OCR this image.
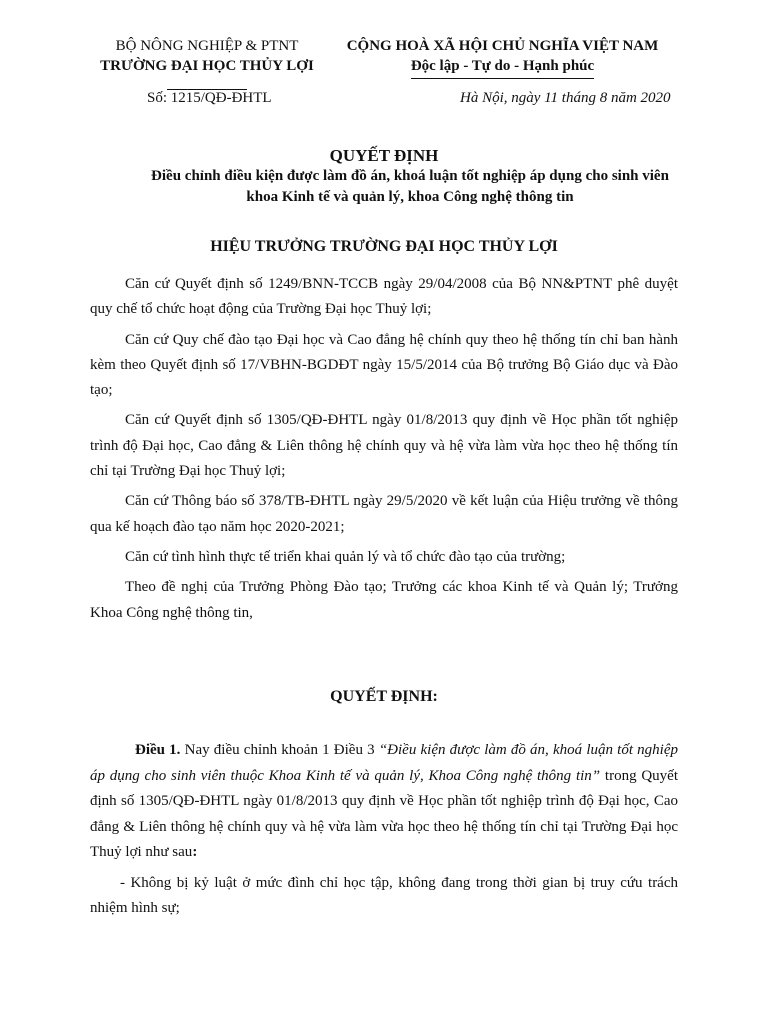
BỘ NÔNG NGHIỆP & PTNT
TRƯỜNG ĐẠI HỌC THỦY LỢI
CỘNG HOÀ XÃ HỘI CHỦ NGHĨA VIỆT NAM
Độc lập - Tự do - Hạnh phúc
Số: 1215/QĐ-ĐHTL	Hà Nội, ngày 11 tháng 8 năm 2020
QUYẾT ĐỊNH
Điều chỉnh điều kiện được làm đồ án, khoá luận tốt nghiệp áp dụng cho sinh viên khoa Kinh tế và quản lý, khoa Công nghệ thông tin
HIỆU TRƯỞNG TRƯỜNG ĐẠI HỌC THỦY LỢI

Căn cứ Quyết định số 1249/BNN-TCCB ngày 29/04/2008 của Bộ NN&PTNT phê duyệt quy chế tổ chức hoạt động của Trường Đại học Thuỷ lợi;

Căn cứ Quy chế đào tạo Đại học và Cao đẳng hệ chính quy theo hệ thống tín chỉ ban hành kèm theo Quyết định số 17/VBHN-BGDĐT ngày 15/5/2014 của Bộ trưởng Bộ Giáo dục và Đào tạo;

Căn cứ Quyết định số 1305/QĐ-ĐHTL ngày 01/8/2013 quy định về Học phần tốt nghiệp trình độ Đại học, Cao đẳng & Liên thông hệ chính quy và hệ vừa làm vừa học theo hệ thống tín chỉ tại Trường Đại học Thuỷ lợi;

Căn cứ Thông báo số 378/TB-ĐHTL ngày 29/5/2020 về kết luận của Hiệu trưởng về thông qua kế hoạch đào tạo năm học 2020-2021;

Căn cứ tình hình thực tế triển khai quản lý và tổ chức đào tạo của trường;

Theo đề nghị của Trưởng Phòng Đào tạo; Trưởng các khoa Kinh tế và Quản lý; Trưởng Khoa Công nghệ thông tin,

QUYẾT ĐỊNH:

Điều 1. Nay điều chỉnh khoản 1 Điều 3 “Điều kiện được làm đồ án, khoá luận tốt nghiệp áp dụng cho sinh viên thuộc Khoa Kinh tế và quản lý, Khoa Công nghệ thông tin” trong Quyết định số 1305/QĐ-ĐHTL ngày 01/8/2013 quy định về Học phần tốt nghiệp trình độ Đại học, Cao đẳng & Liên thông hệ chính quy và hệ vừa làm vừa học theo hệ thống tín chỉ tại Trường Đại học Thuỷ lợi như sau:

- Không bị kỷ luật ở mức đình chỉ học tập, không đang trong thời gian bị truy cứu trách nhiệm hình sự;
